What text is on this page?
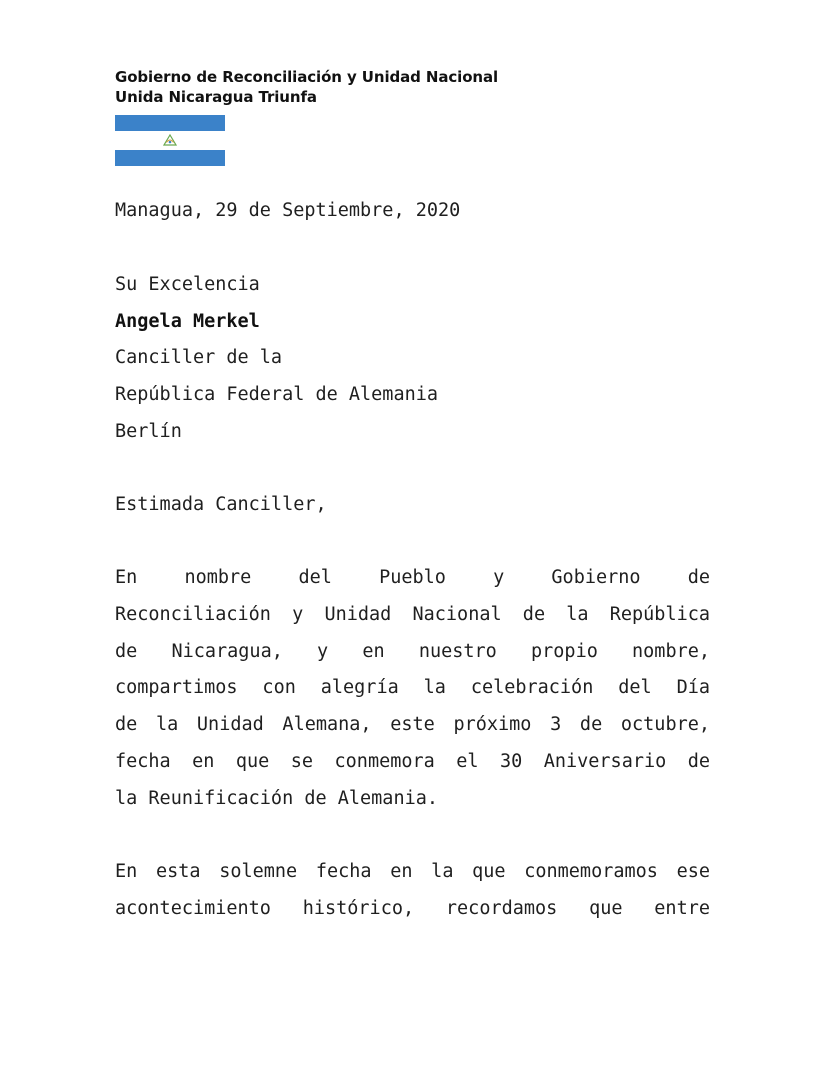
Gobierno de Reconciliación y Unidad Nacional
Unida Nicaragua Triunfa
Managua, 29 de Septiembre, 2020
Su Excelencia
Angela Merkel
Canciller de la
República Federal de Alemania
Berlín
Estimada Canciller,
En nombre del Pueblo y Gobierno de
Reconciliación y Unidad Nacional de la República
de Nicaragua, y en nuestro propio nombre,
compartimos con alegría la celebración del Día
de la Unidad Alemana, este próximo 3 de octubre,
fecha en que se conmemora el 30 Aniversario de
la Reunificación de Alemania.
En esta solemne fecha en la que conmemoramos ese
acontecimiento histórico, recordamos que entre
